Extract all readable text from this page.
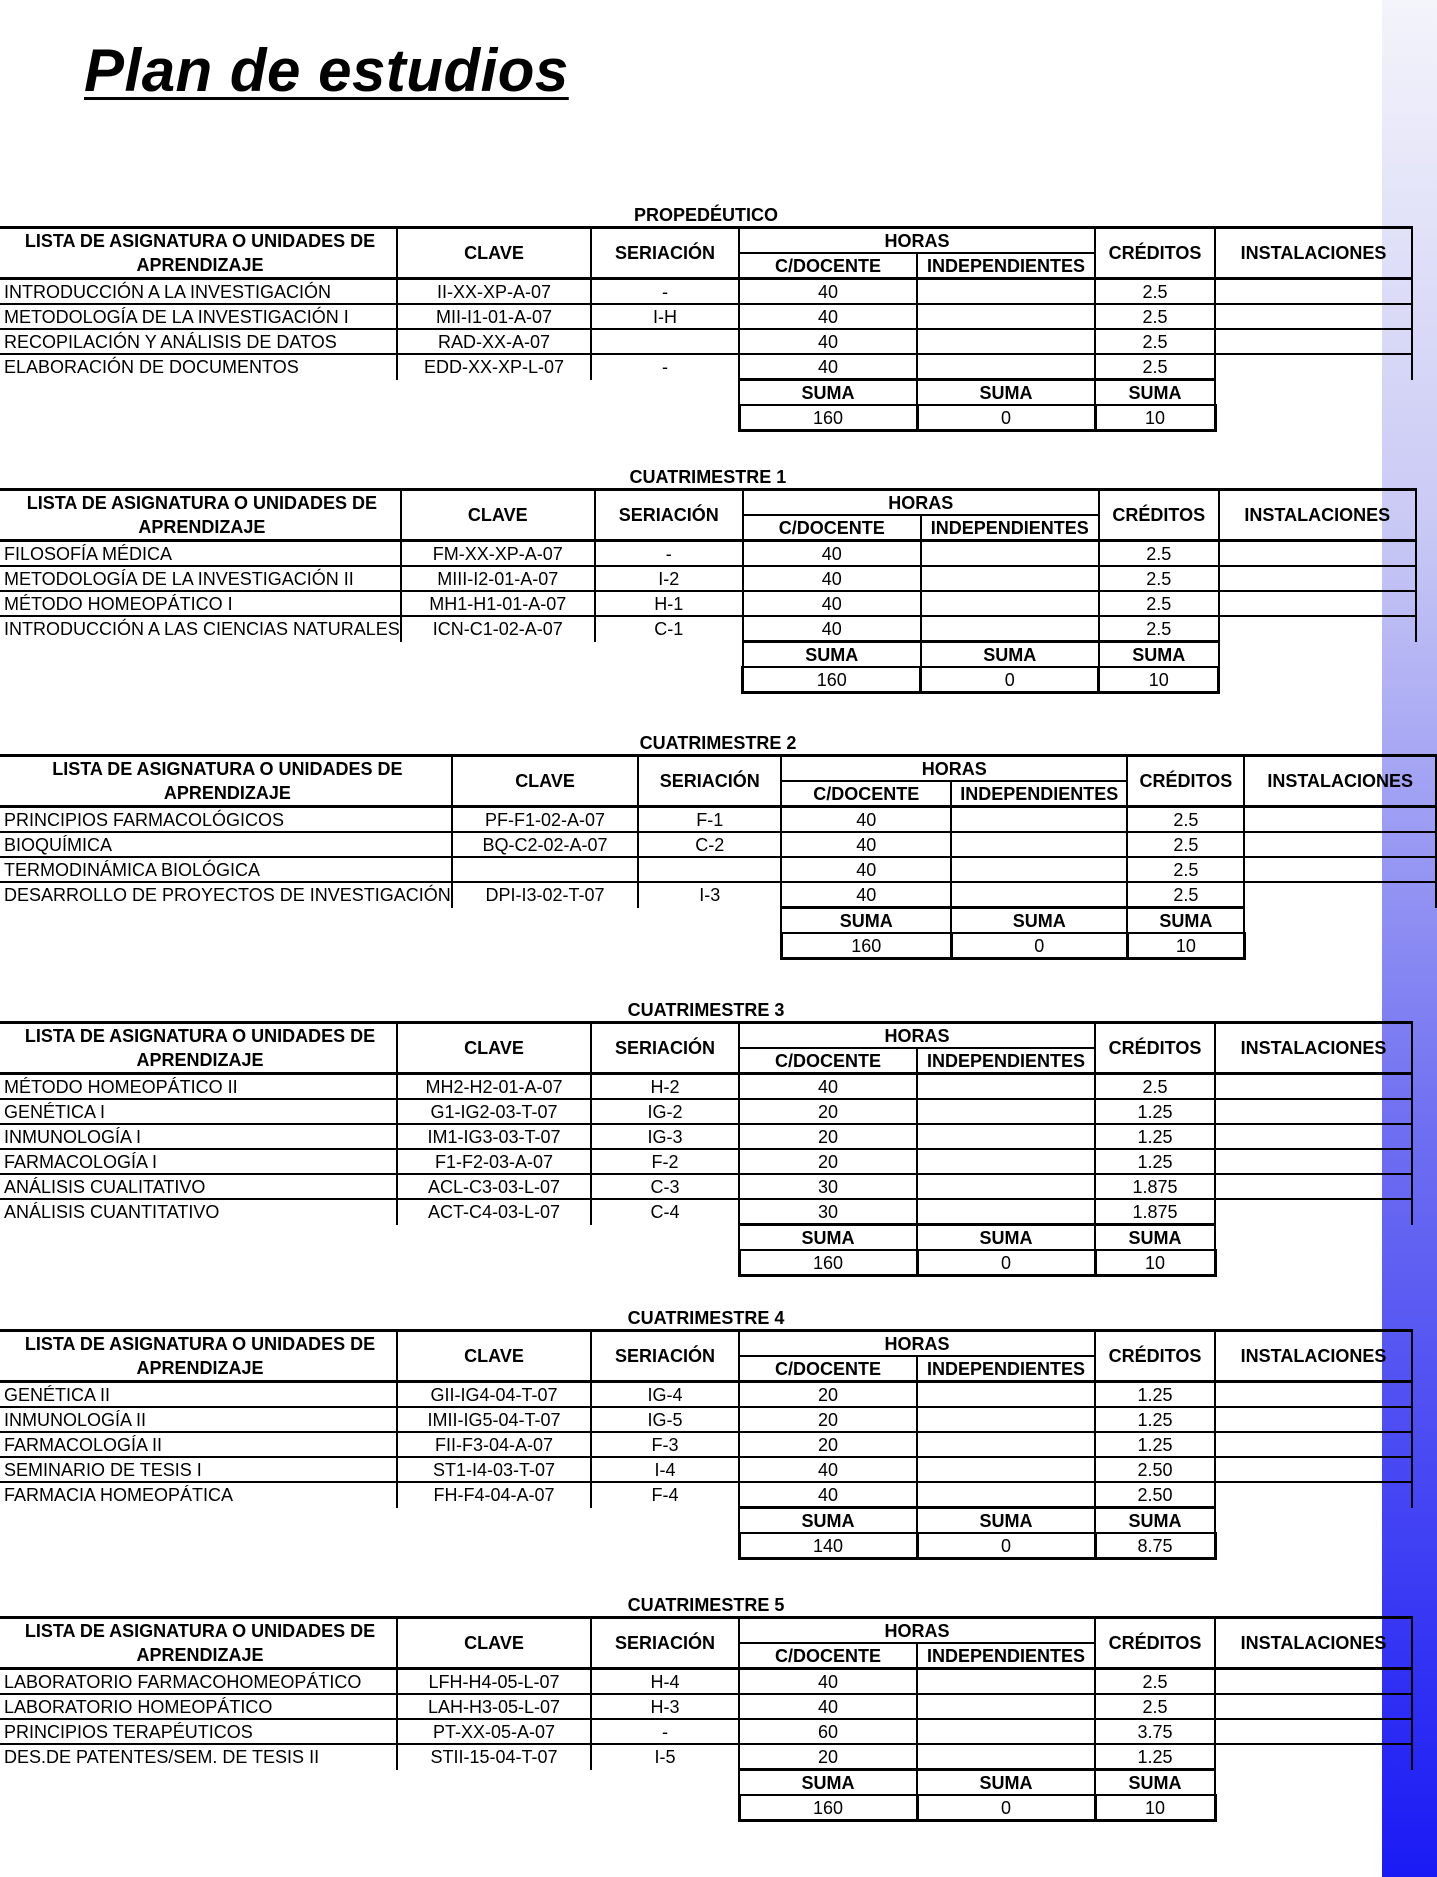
Plan de estudios
PROPEDÉUTICO						
LISTA DE ASIGNATURA O UNIDADES DE	CLAVE	SERIACIÓN	HORAS		CRÉDITOS	INSTALACIONES
APRENDIZAJE			C/DOCENTE	INDEPENDIENTES		
INTRODUCCIÓN A LA INVESTIGACIÓN	II-XX-XP-A-07	-	40		2.5	
METODOLOGÍA DE LA INVESTIGACIÓN I	MII-I1-01-A-07	I-H	40		2.5	
RECOPILACIÓN Y ANÁLISIS DE DATOS	RAD-XX-A-07		40		2.5	
ELABORACIÓN DE DOCUMENTOS	EDD-XX-XP-L-07	-	40		2.5	
			SUMA	SUMA	SUMA	
			160	0	10	
CUATRIMESTRE 1						
LISTA DE ASIGNATURA O UNIDADES DE	CLAVE	SERIACIÓN	HORAS		CRÉDITOS	INSTALACIONES
APRENDIZAJE			C/DOCENTE	INDEPENDIENTES		
FILOSOFÍA MÉDICA	FM-XX-XP-A-07	-	40		2.5	
METODOLOGÍA DE LA INVESTIGACIÓN II	MIII-I2-01-A-07	I-2	40		2.5	
MÉTODO HOMEOPÁTICO I	MH1-H1-01-A-07	H-1	40		2.5	
INTRODUCCIÓN A LAS CIENCIAS NATURALES	ICN-C1-02-A-07	C-1	40		2.5	
			SUMA	SUMA	SUMA	
			160	0	10	
CUATRIMESTRE 2						
LISTA DE ASIGNATURA O UNIDADES DE	CLAVE	SERIACIÓN	HORAS		CRÉDITOS	INSTALACIONES
APRENDIZAJE			C/DOCENTE	INDEPENDIENTES		
PRINCIPIOS FARMACOLÓGICOS	PF-F1-02-A-07	F-1	40		2.5	
BIOQUÍMICA	BQ-C2-02-A-07	C-2	40		2.5	
TERMODINÁMICA BIOLÓGICA			40		2.5	
DESARROLLO DE PROYECTOS DE INVESTIGACIÓN	DPI-I3-02-T-07	I-3	40		2.5	
			SUMA	SUMA	SUMA	
			160	0	10	
CUATRIMESTRE 3						
LISTA DE ASIGNATURA O UNIDADES DE	CLAVE	SERIACIÓN	HORAS		CRÉDITOS	INSTALACIONES
APRENDIZAJE			C/DOCENTE	INDEPENDIENTES		
MÉTODO HOMEOPÁTICO II	MH2-H2-01-A-07	H-2	40		2.5	
GENÉTICA I	G1-IG2-03-T-07	IG-2	20		1.25	
INMUNOLOGÍA I	IM1-IG3-03-T-07	IG-3	20		1.25	
FARMACOLOGÍA I	F1-F2-03-A-07	F-2	20		1.25	
ANÁLISIS CUALITATIVO	ACL-C3-03-L-07	C-3	30		1.875	
ANÁLISIS CUANTITATIVO	ACT-C4-03-L-07	C-4	30		1.875	
			SUMA	SUMA	SUMA	
			160	0	10	
CUATRIMESTRE 4						
LISTA DE ASIGNATURA O UNIDADES DE	CLAVE	SERIACIÓN	HORAS		CRÉDITOS	INSTALACIONES
APRENDIZAJE			C/DOCENTE	INDEPENDIENTES		
GENÉTICA II	GII-IG4-04-T-07	IG-4	20		1.25	
INMUNOLOGÍA II	IMII-IG5-04-T-07	IG-5	20		1.25	
FARMACOLOGÍA II	FII-F3-04-A-07	F-3	20		1.25	
SEMINARIO DE TESIS I	ST1-I4-03-T-07	I-4	40		2.50	
FARMACIA HOMEOPÁTICA	FH-F4-04-A-07	F-4	40		2.50	
			SUMA	SUMA	SUMA	
			140	0	8.75	
CUATRIMESTRE 5						
LISTA DE ASIGNATURA O UNIDADES DE	CLAVE	SERIACIÓN	HORAS		CRÉDITOS	INSTALACIONES
APRENDIZAJE			C/DOCENTE	INDEPENDIENTES		
LABORATORIO FARMACOHOMEOPÁTICO	LFH-H4-05-L-07	H-4	40		2.5	
LABORATORIO HOMEOPÁTICO	LAH-H3-05-L-07	H-3	40		2.5	
PRINCIPIOS TERAPÉUTICOS	PT-XX-05-A-07	-	60		3.75	
DES.DE PATENTES/SEM. DE TESIS II	STII-15-04-T-07	I-5	20		1.25	
			SUMA	SUMA	SUMA	
			160	0	10	
